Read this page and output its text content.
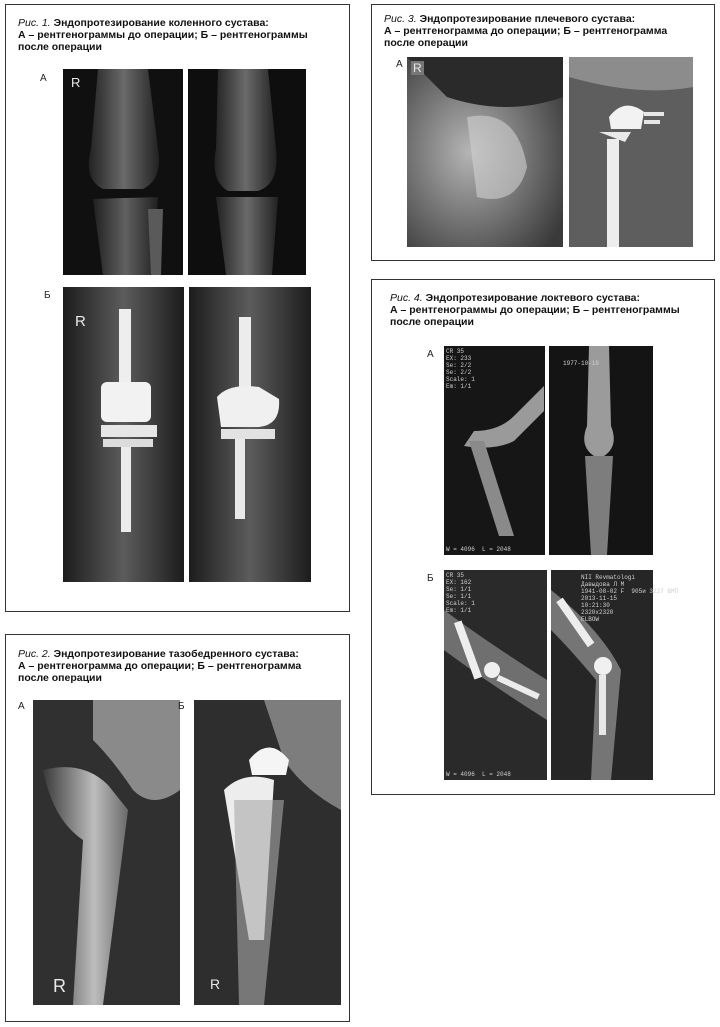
Рис. 1. Эндопротезирование коленного сустава:
А – рентгенограммы до операции; Б – рентгенограммы
после операции
А R
Б
R
Рис. 2. Эндопротезирование тазобедренного сустава:
А – рентгенограмма до операции; Б – рентгенограмма
после операции
А
R
Б
R
Рис. 3. Эндопротезирование плечевого сустава:
А – рентгенограмма до операции; Б – рентгенограмма
после операции
А R
Рис. 4. Эндопротезирование локтевого сустава:
А – рентгенограммы до операции; Б – рентгенограммы
после операции
А CR 35
EX: 233
Se: 2/2
Se: 2/2
Scale: 1
Em: 1/1
W = 4096  L = 2048
1977-10-18
Б CR 35
EX: 162
Se: 1/1
Se: 1/1
Scale: 1
Em: 1/1
W = 4096  L = 2048
NII Revmatologi
Давыдова Л М
1941-08-02 F  905и 3227 ВМП
2013-11-15
10:21:30
2320x2320
ELBOW
